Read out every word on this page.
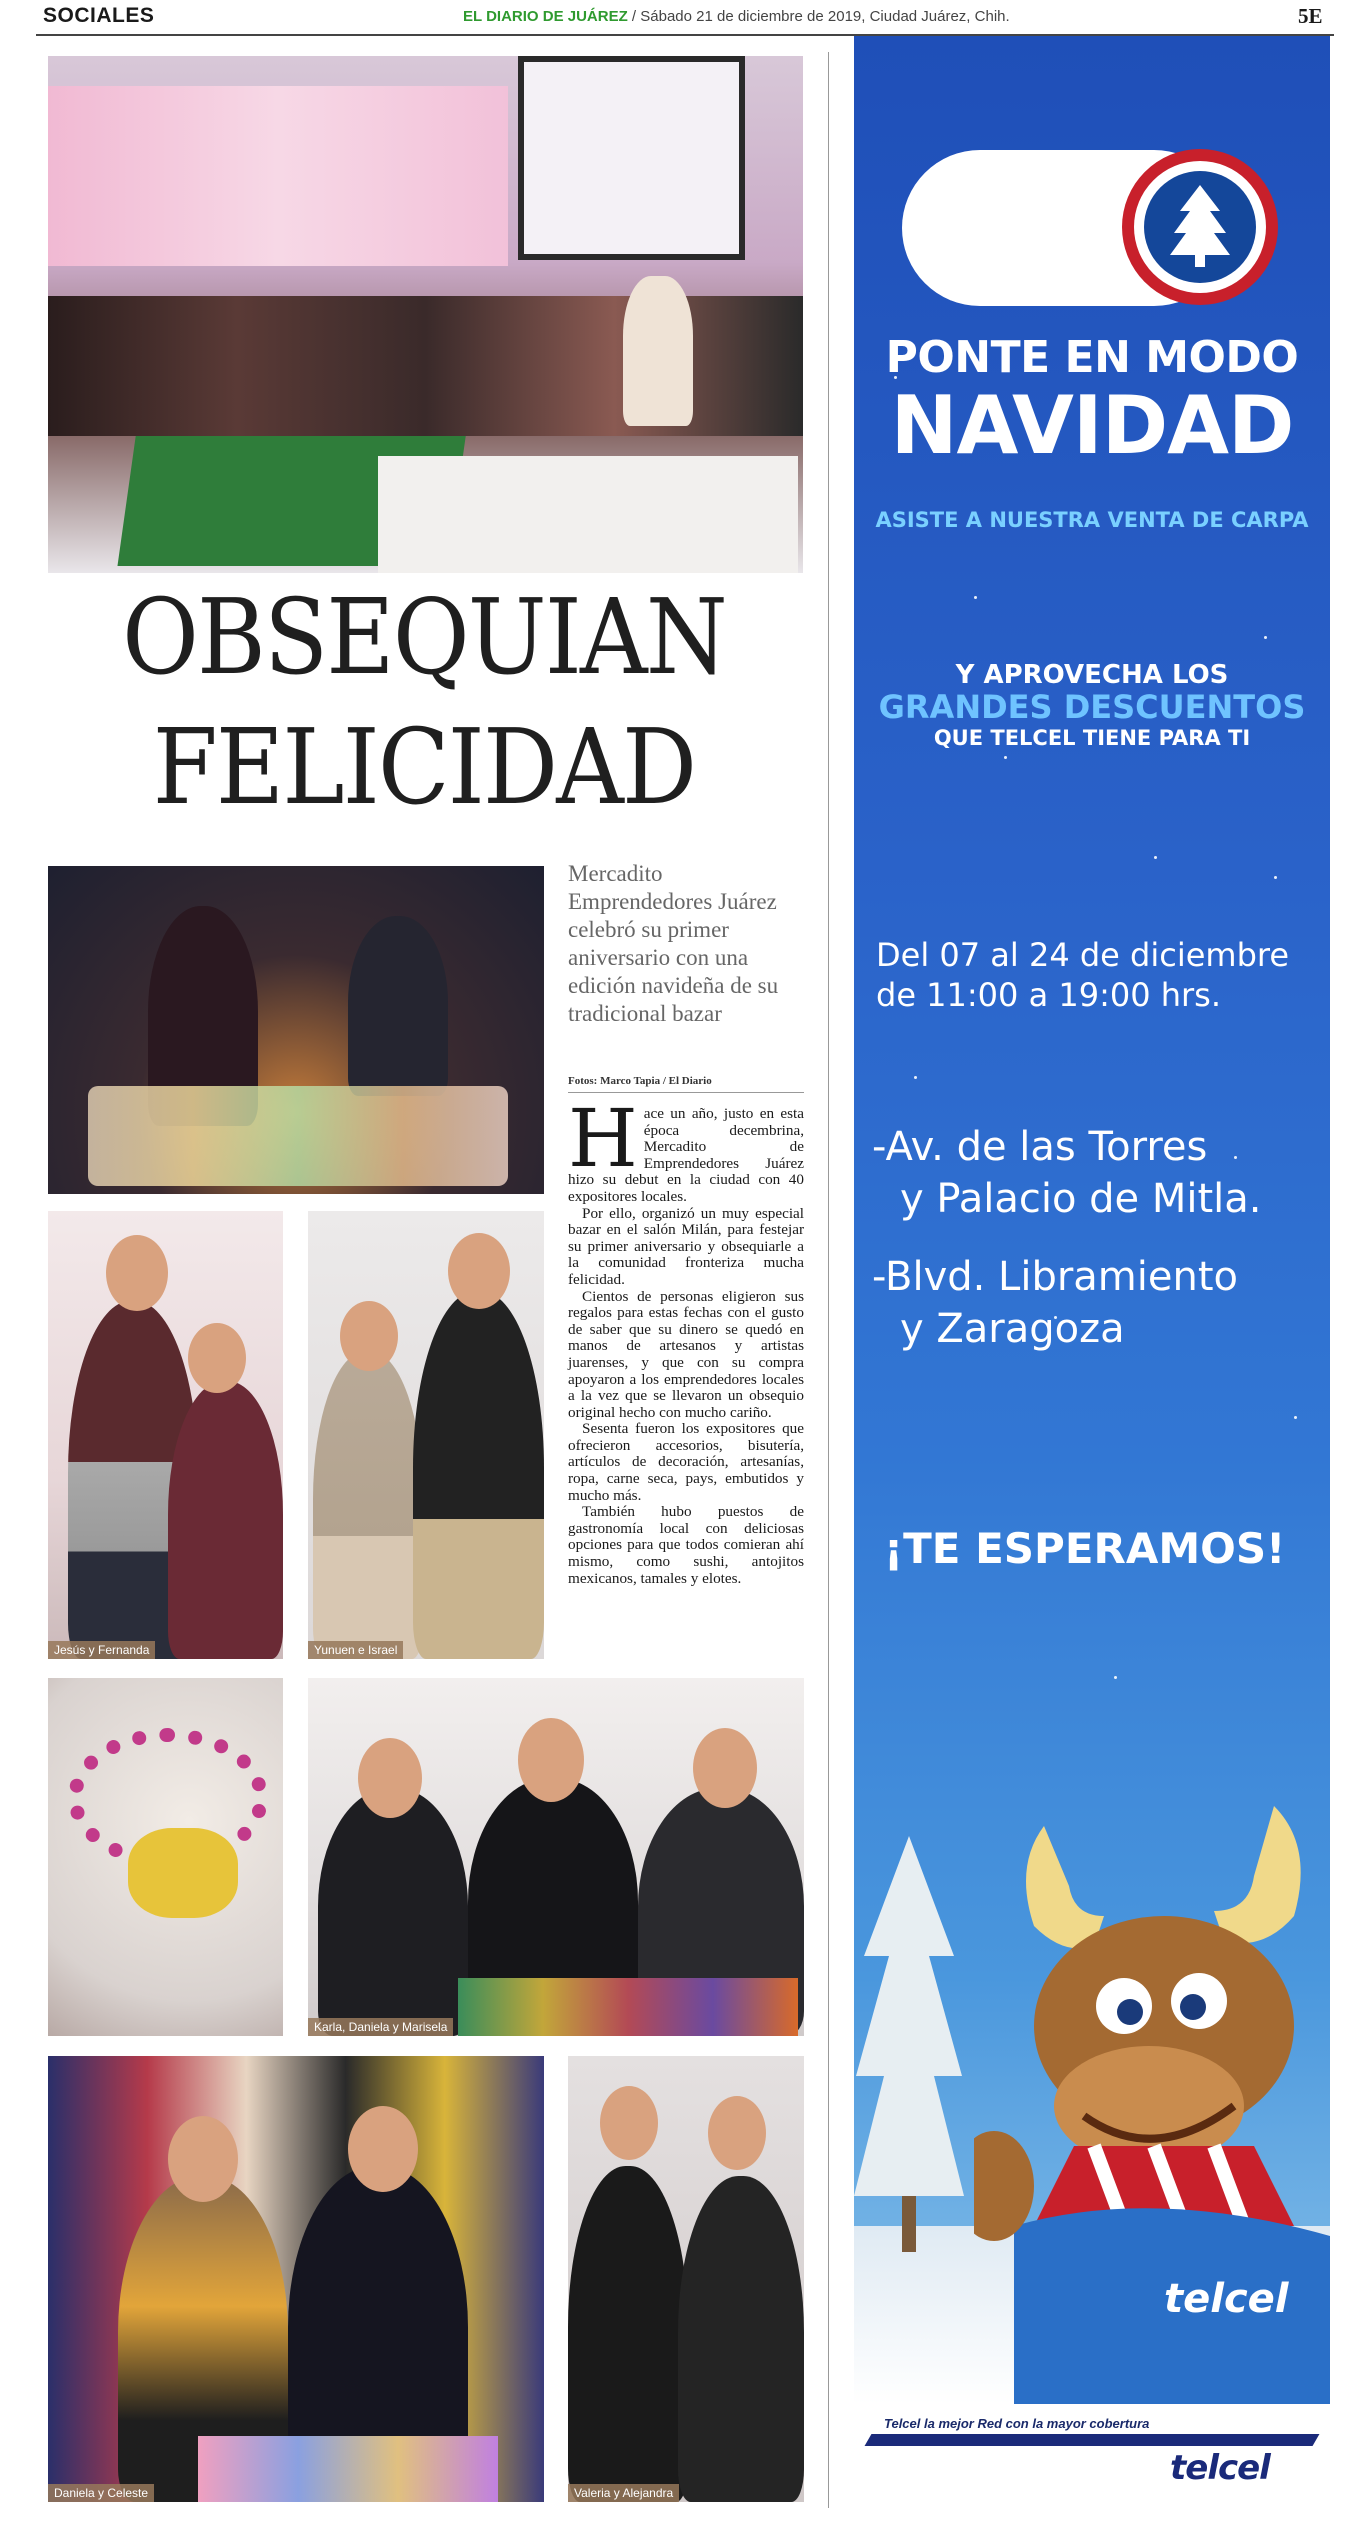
SOCIALES	EL DIARIO DE JUÁREZ / Sábado 21 de diciembre de 2019, Ciudad Juárez, Chih.	5E
OBSEQUIAN
FELICIDAD
Mercadito Emprendedores Juárez celebró su primer aniversario con una edición navideña de su tradicional bazar
Fotos: Marco Tapia / El Diario

Hace un año, justo en esta época decembrina, Mercadito de Emprendedores Juárez hizo su debut en la ciudad con 40 expositores locales.

Por ello, organizó un muy especial bazar en el salón Milán, para festejar su primer aniversario y obsequiarle a la comunidad fronteriza mucha felicidad.

Cientos de personas eligieron sus regalos para estas fechas con el gusto de saber que su dinero se quedó en manos de artesanos y artistas juarenses, y que con su compra apoyaron a los emprendedores locales a la vez que se llevaron un obsequio original hecho con mucho cariño.

Sesenta fueron los expositores que ofrecieron accesorios, bisutería, artículos de decoración, artesanías, ropa, carne seca, pays, embutidos y mucho más.

También hubo puestos de gastronomía local con deliciosas opciones para que todos comieran ahí mismo, como sushi, antojitos mexicanos, tamales y elotes.

Jesús y Fernanda	Yunuen e Israel
Karla, Daniela y Marisela
Daniela y Celeste	Valeria y Alejandra
PONTE EN MODO
NAVIDAD
ASISTE A NUESTRA VENTA DE CARPA
Y APROVECHA LOS
GRANDES DESCUENTOS
QUE TELCEL TIENE PARA TI
Del 07 al 24 de diciembre
de 11:00 a 19:00 hrs.
-Av. de las Torres
y Palacio de Mitla.
-Blvd. Libramiento
y Zaragoza
¡TE ESPERAMOS!
telcel
Telcel la mejor Red con la mayor cobertura
telcel
